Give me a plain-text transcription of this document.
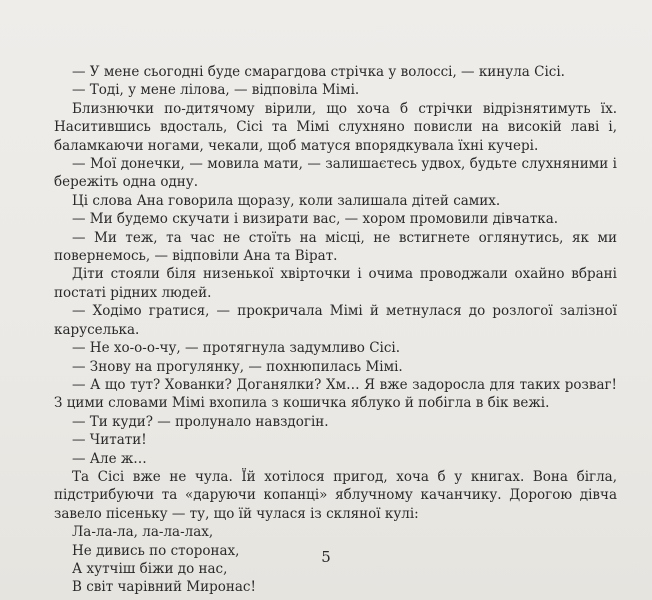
— У мене сьогодні буде смарагдова стрічка у волоссі, — кинула Сісі.

— Тоді, у мене лілова, — відповіла Мімі.

Близнючки по-дитячому вірили, що хоча б стрічки відрізнятимуть їх. Наситившись вдосталь, Сісі та Мімі слухняно повисли на високій лаві і, баламкаючи ногами, чекали, щоб матуся впорядкувала їхні кучері.

— Мої донечки, — мовила мати, — залишаєтесь удвох, будьте слухняними і бережіть одна одну.

Ці слова Ана говорила щоразу, коли залишала дітей самих.

— Ми будемо скучати і визирати вас, — хором промовили дівчатка.

— Ми теж, та час не стоїть на місці, не встигнете оглянутись, як ми повернемось, — відповіли Ана та Вірат.

Діти стояли біля низенької хвірточки і очима проводжали охайно вбрані постаті рідних людей.

— Ходімо гратися, — прокричала Мімі й метнулася до розлогої залізної каруселька.

— Не хо-о-о-чу, — протягнула задумливо Сісі.

— Знову на прогулянку, — похнюпилась Мімі.

— А що тут? Хованки? Доганялки? Хм… Я вже задоросла для таких розваг! З цими словами Мімі вхопила з кошичка яблуко й побігла в бік вежі.

— Ти куди? — пролунало навздогін.

— Читати!

— Але ж…

Та Сісі вже не чула. Їй хотілося пригод, хоча б у книгах. Вона бігла, підстрибуючи та «даруючи копанці» яблучному качанчику. Дорогою дівча завело пісеньку — ту, що їй чулася із скляної кулі:

Ла-ла-ла, ла-ла-лах,

Не дивись по сторонах,

А хутчіш біжи до нас,

В світ чарівний Миронас!

5
